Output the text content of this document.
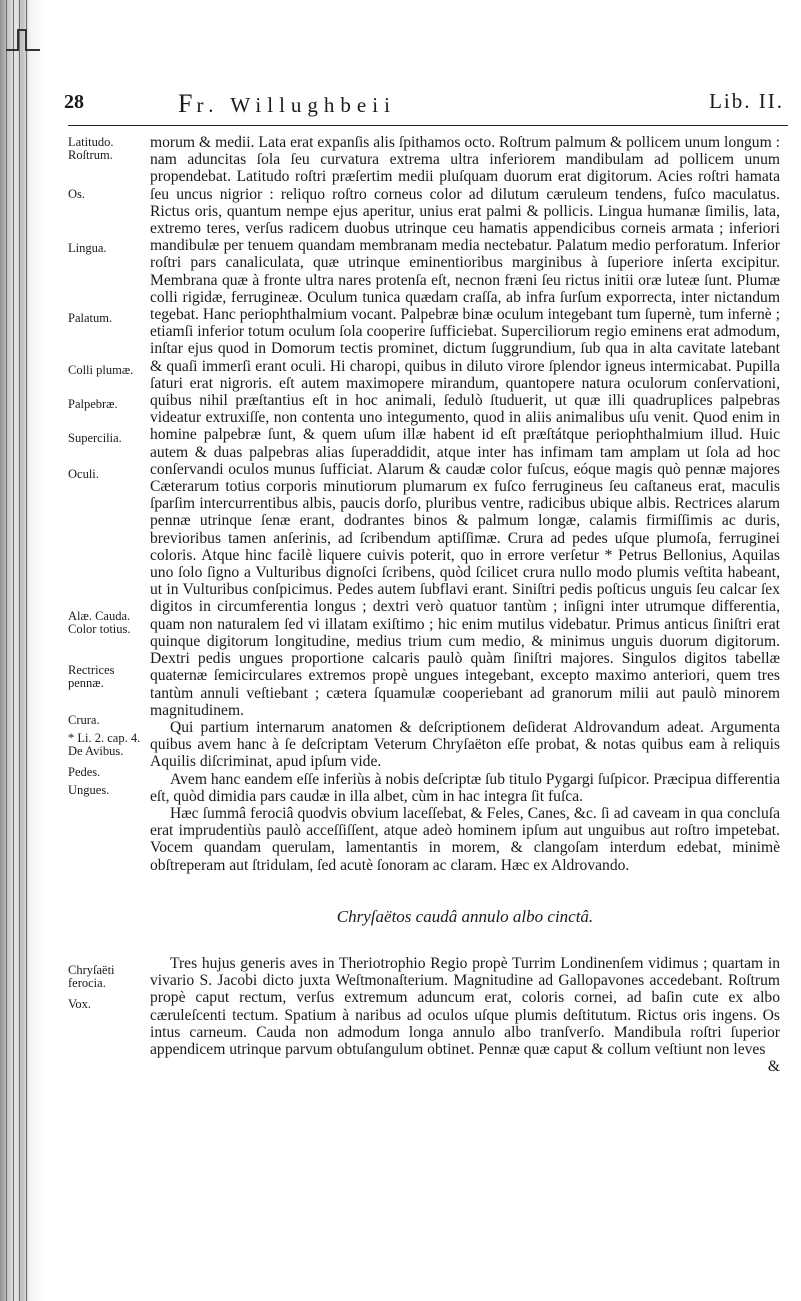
28	Fr. Willughbeii	Lib. II.
Latitudo. Roſtrum.
Os.
Lingua.
Palatum.
Colli plumæ.
Palpebræ.
Supercilia.
Oculi.
Alæ. Cauda. Color totius.
Rectrices pennæ.
Crura.
* Li. 2. cap. 4. De Avibus.
Pedes.
Ungues.
Chryſaëti ferocia.
Vox.

morum & medii. Lata erat expanſis alis ſpithamos octo. Roſtrum palmum & pollicem unum longum : nam aduncitas ſola ſeu curvatura extrema ultra inferiorem mandibulam ad pollicem unum propendebat. Latitudo roſtri præſertim medii pluſquam duorum erat digitorum. Acies roſtri hamata ſeu uncus nigrior : reliquo roſtro corneus color ad dilutum cæruleum tendens, fuſco maculatus. Rictus oris, quantum nempe ejus aperitur, unius erat palmi & pollicis. Lingua humanæ ſimilis, lata, extremo teres, verſus radicem duobus utrinque ceu hamatis appendicibus corneis armata ; inferiori mandibulæ per tenuem quandam membranam media nectebatur. Palatum medio perforatum. Inferior roſtri pars canaliculata, quæ utrinque eminentioribus marginibus à ſuperiore inſerta excipitur. Membrana quæ à fronte ultra nares protenſa eſt, necnon fræni ſeu rictus initii oræ luteæ ſunt. Plumæ colli rigidæ, ferrugineæ. Oculum tunica quædam craſſa, ab infra ſurſum exporrecta, inter nictandum tegebat. Hanc periophthalmium vocant. Palpebræ binæ oculum integebant tum ſupernè, tum infernè ; etiamſi inferior totum oculum ſola cooperire ſufficiebat. Superciliorum regio eminens erat admodum, inſtar ejus quod in Domorum tectis prominet, dictum ſuggrundium, ſub qua in alta cavitate latebant & quaſi immerſi erant oculi. Hi charopi, quibus in diluto virore ſplendor igneus intermicabat. Pupilla ſaturi erat nigroris. eſt autem maximopere mirandum, quantopere natura oculorum conſervationi, quibus nihil præſtantius eſt in hoc animali, ſedulò ſtuduerit, ut quæ illi quadruplices palpebras videatur extruxiſſe, non contenta uno integumento, quod in aliis animalibus uſu venit. Quod enim in homine palpebræ ſunt, & quem uſum illæ habent id eſt præſtátque periophthalmium illud. Huic autem & duas palpebras alias ſuperaddidit, atque inter has infimam tam amplam ut ſola ad hoc conſervandi oculos munus ſufficiat. Alarum & caudæ color fuſcus, eóque magis quò pennæ majores Cæterarum totius corporis minutiorum plumarum ex fuſco ferrugineus ſeu caſtaneus erat, maculis ſparſim intercurrentibus albis, paucis dorſo, pluribus ventre, radicibus ubique albis. Rectrices alarum pennæ utrinque ſenæ erant, dodrantes binos & palmum longæ, calamis firmiſſimis ac duris, brevioribus tamen anſerinis, ad ſcribendum aptiſſimæ. Crura ad pedes uſque plumoſa, ferruginei coloris. Atque hinc facilè liquere cuivis poterit, quo in errore verſetur * Petrus Bellonius, Aquilas uno ſolo ſigno a Vulturibus dignoſci ſcribens, quòd ſcilicet crura nullo modo plumis veſtita habeant, ut in Vulturibus conſpicimus. Pedes autem ſubflavi erant. Siniſtri pedis poſticus unguis ſeu calcar ſex digitos in circumferentia longus ; dextri verò quatuor tantùm ; inſigni inter utrumque differentia, quam non naturalem ſed vi illatam exiſtimo ; hic enim mutilus videbatur. Primus anticus ſiniſtri erat quinque digitorum longitudine, medius trium cum medio, & minimus unguis duorum digitorum. Dextri pedis ungues proportione calcaris paulò quàm ſiniſtri majores. Singulos digitos tabellæ quaternæ ſemicirculares extremos propè ungues integebant, excepto maximo anteriori, quem tres tantùm annuli veſtiebant ; cætera ſquamulæ cooperiebant ad granorum milii aut paulò minorem magnitudinem.

Qui partium internarum anatomen & deſcriptionem deſiderat Aldrovandum adeat. Argumenta quibus avem hanc à ſe deſcriptam Veterum Chryſaëton eſſe probat, & notas quibus eam à reliquis Aquilis diſcriminat, apud ipſum vide.

Avem hanc eandem eſſe inferiùs à nobis deſcriptæ ſub titulo Pygargi ſuſpicor. Præcipua differentia eſt, quòd dimidia pars caudæ in illa albet, cùm in hac integra ſit fuſca.

Hæc ſummâ ferociâ quodvis obvium laceſſebat, & Feles, Canes, &c. ſi ad caveam in qua concluſa erat imprudentiùs paulò acceſſiſſent, atque adeò hominem ipſum aut unguibus aut roſtro impetebat. Vocem quandam querulam, lamentantis in morem, & clangoſam interdum edebat, minimè obſtreperam aut ſtridulam, ſed acutè ſonoram ac claram. Hæc ex Aldrovando.

Chryſaëtos caudâ annulo albo cinctâ.

Tres hujus generis aves in Theriotrophio Regio propè Turrim Londinenſem vidimus ; quartam in vivario S. Jacobi dicto juxta Weſtmonaſterium. Magnitudine ad Gallopavones accedebant. Roſtrum propè caput rectum, verſus extremum aduncum erat, coloris cornei, ad baſin cute ex albo cæruleſcenti tectum. Spatium à naribus ad oculos uſque plumis deſtitutum. Rictus oris ingens. Os intus carneum. Cauda non admodum longa annulo albo tranſverſo. Mandibula roſtri ſuperior appendicem utrinque parvum obtuſangulum obtinet. Pennæ quæ caput & collum veſtiunt non leves

&
